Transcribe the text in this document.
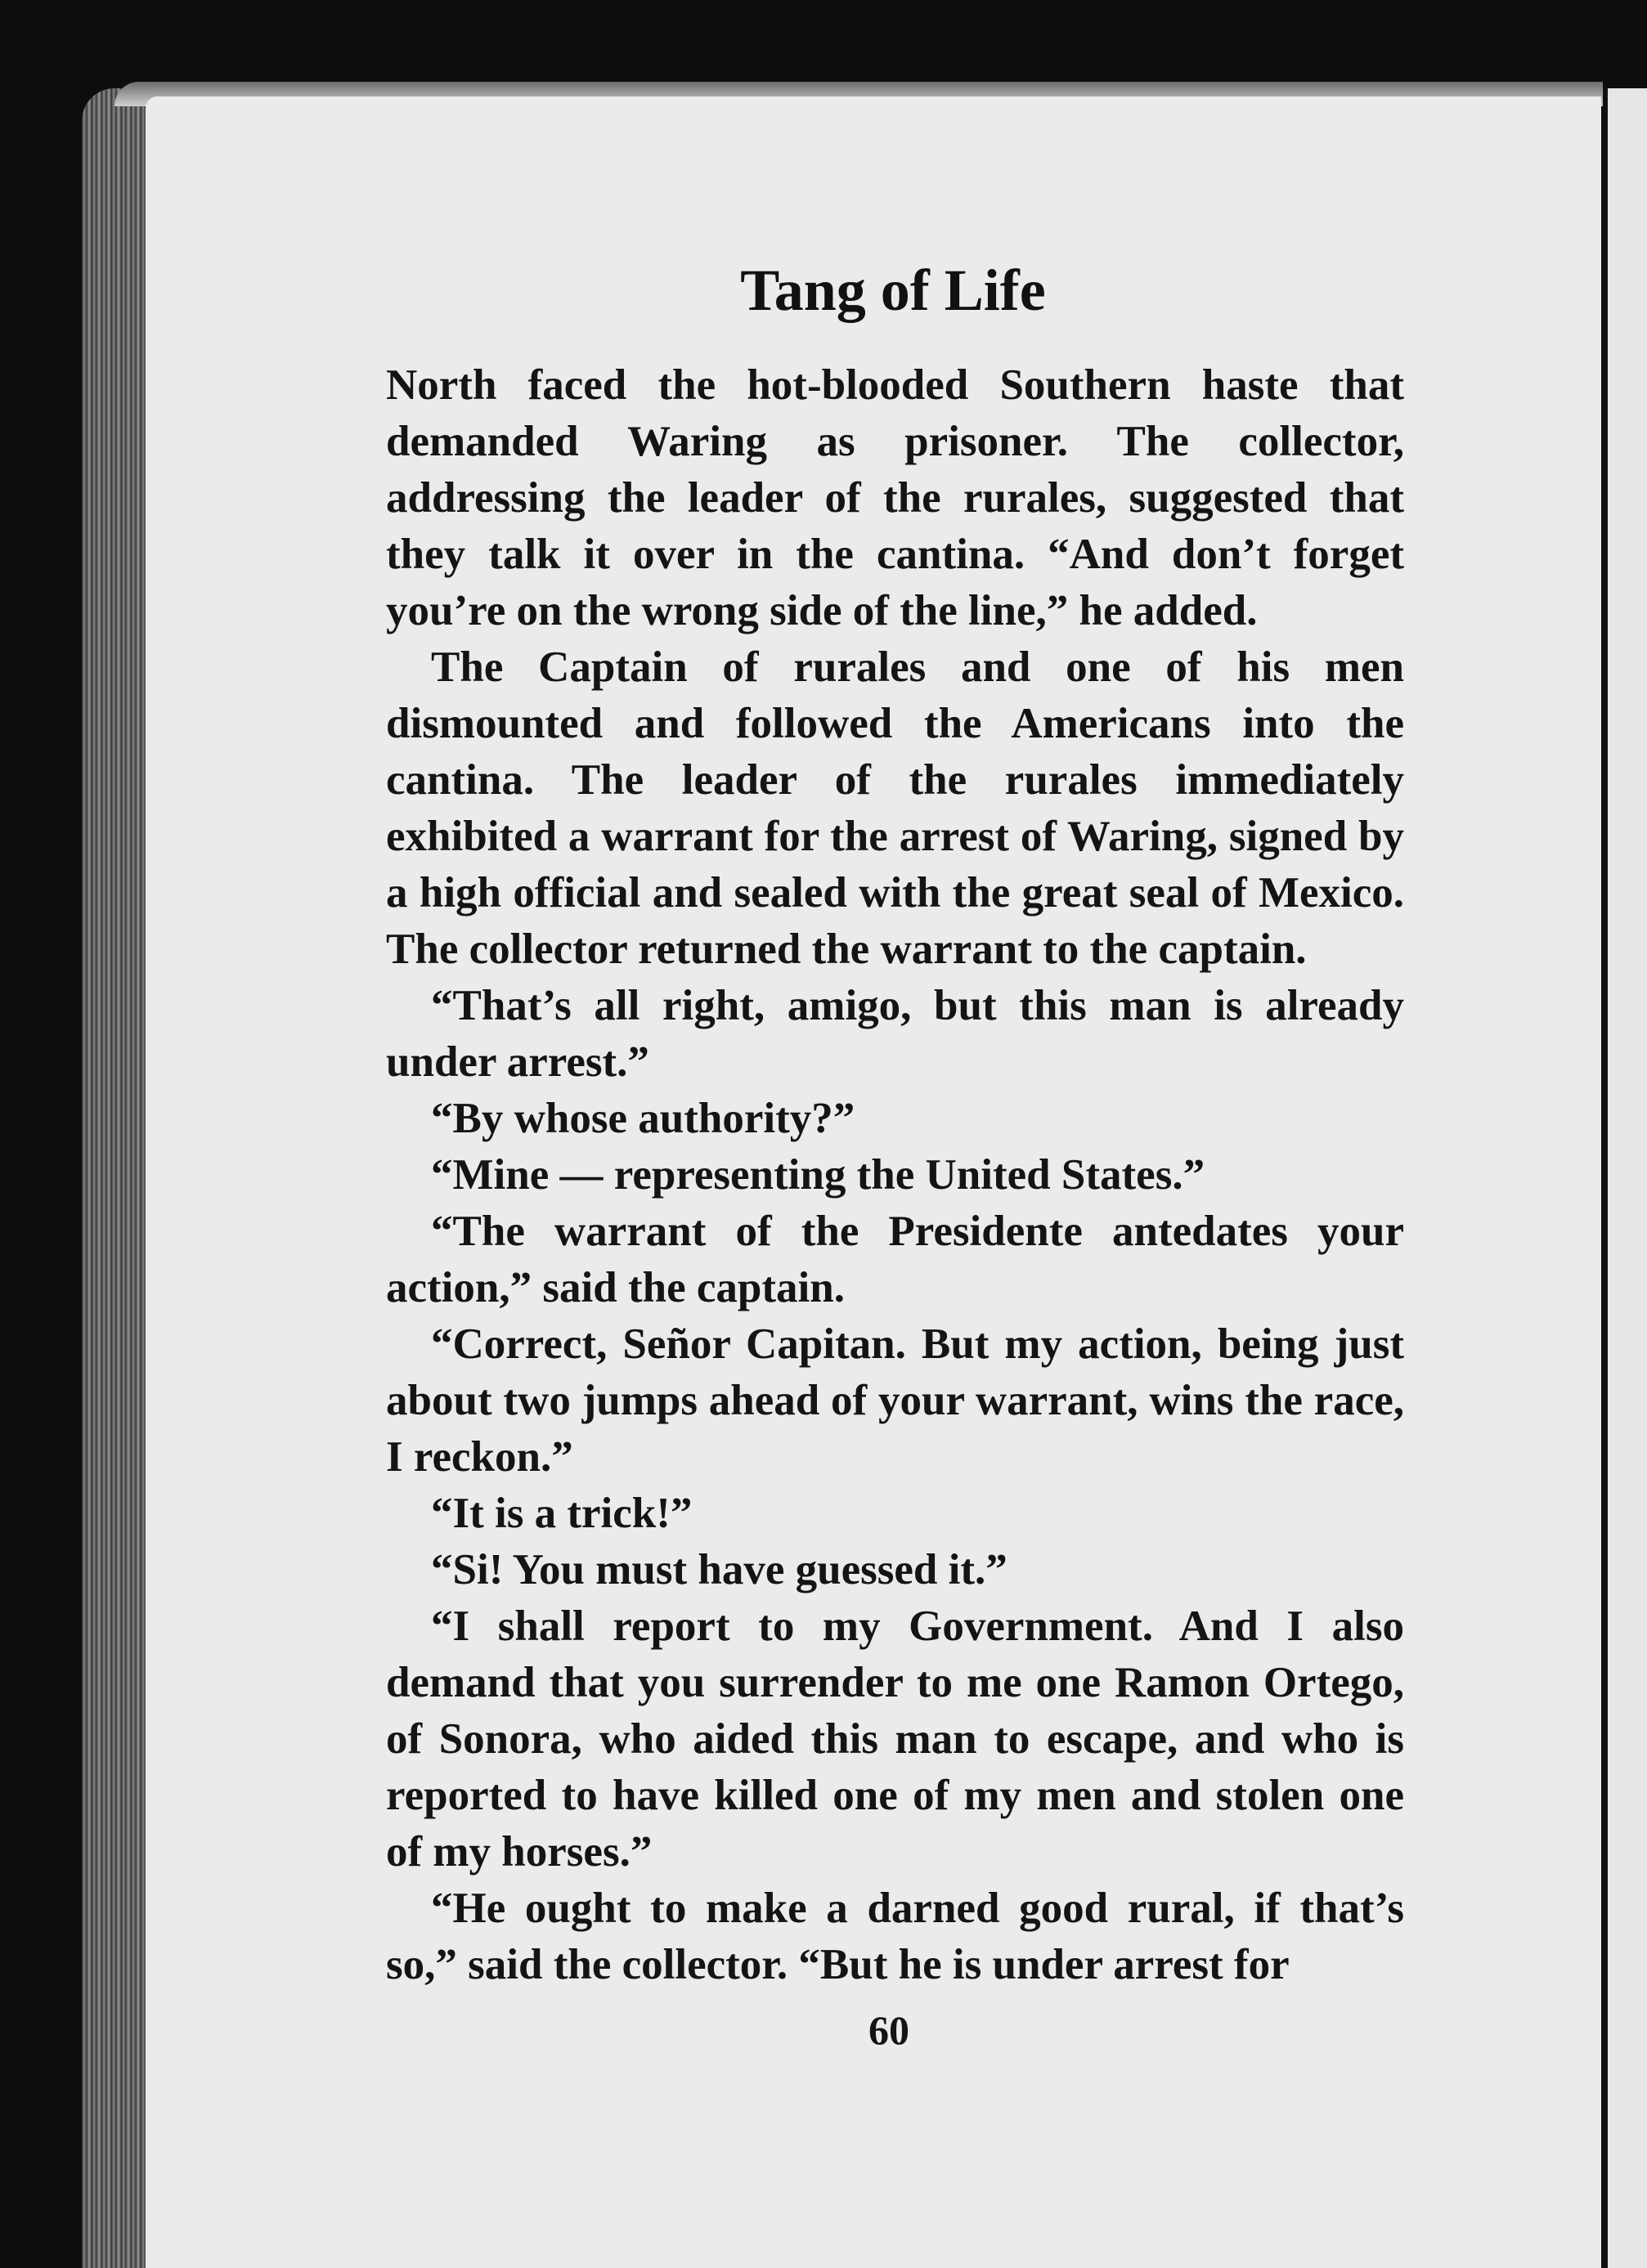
Tang of Life

North faced the hot-blooded Southern haste that demanded Waring as prisoner. The collector, addressing the leader of the rurales, suggested that they talk it over in the cantina. “And don’t forget you’re on the wrong side of the line,” he added.

The Captain of rurales and one of his men dismounted and followed the Americans into the cantina. The leader of the rurales immediately exhibited a warrant for the arrest of Waring, signed by a high official and sealed with the great seal of Mexico. The collector returned the warrant to the captain.

“That’s all right, amigo, but this man is already under arrest.”

“By whose authority?”

“Mine — representing the United States.”

“The warrant of the Presidente antedates your action,” said the captain.

“Correct, Señor Capitan. But my action, being just about two jumps ahead of your warrant, wins the race, I reckon.”

“It is a trick!”

“Si! You must have guessed it.”

“I shall report to my Government. And I also demand that you surrender to me one Ramon Ortego, of Sonora, who aided this man to escape, and who is reported to have killed one of my men and stolen one of my horses.”

“He ought to make a darned good rural, if that’s so,” said the collector. “But he is under arrest for

60
